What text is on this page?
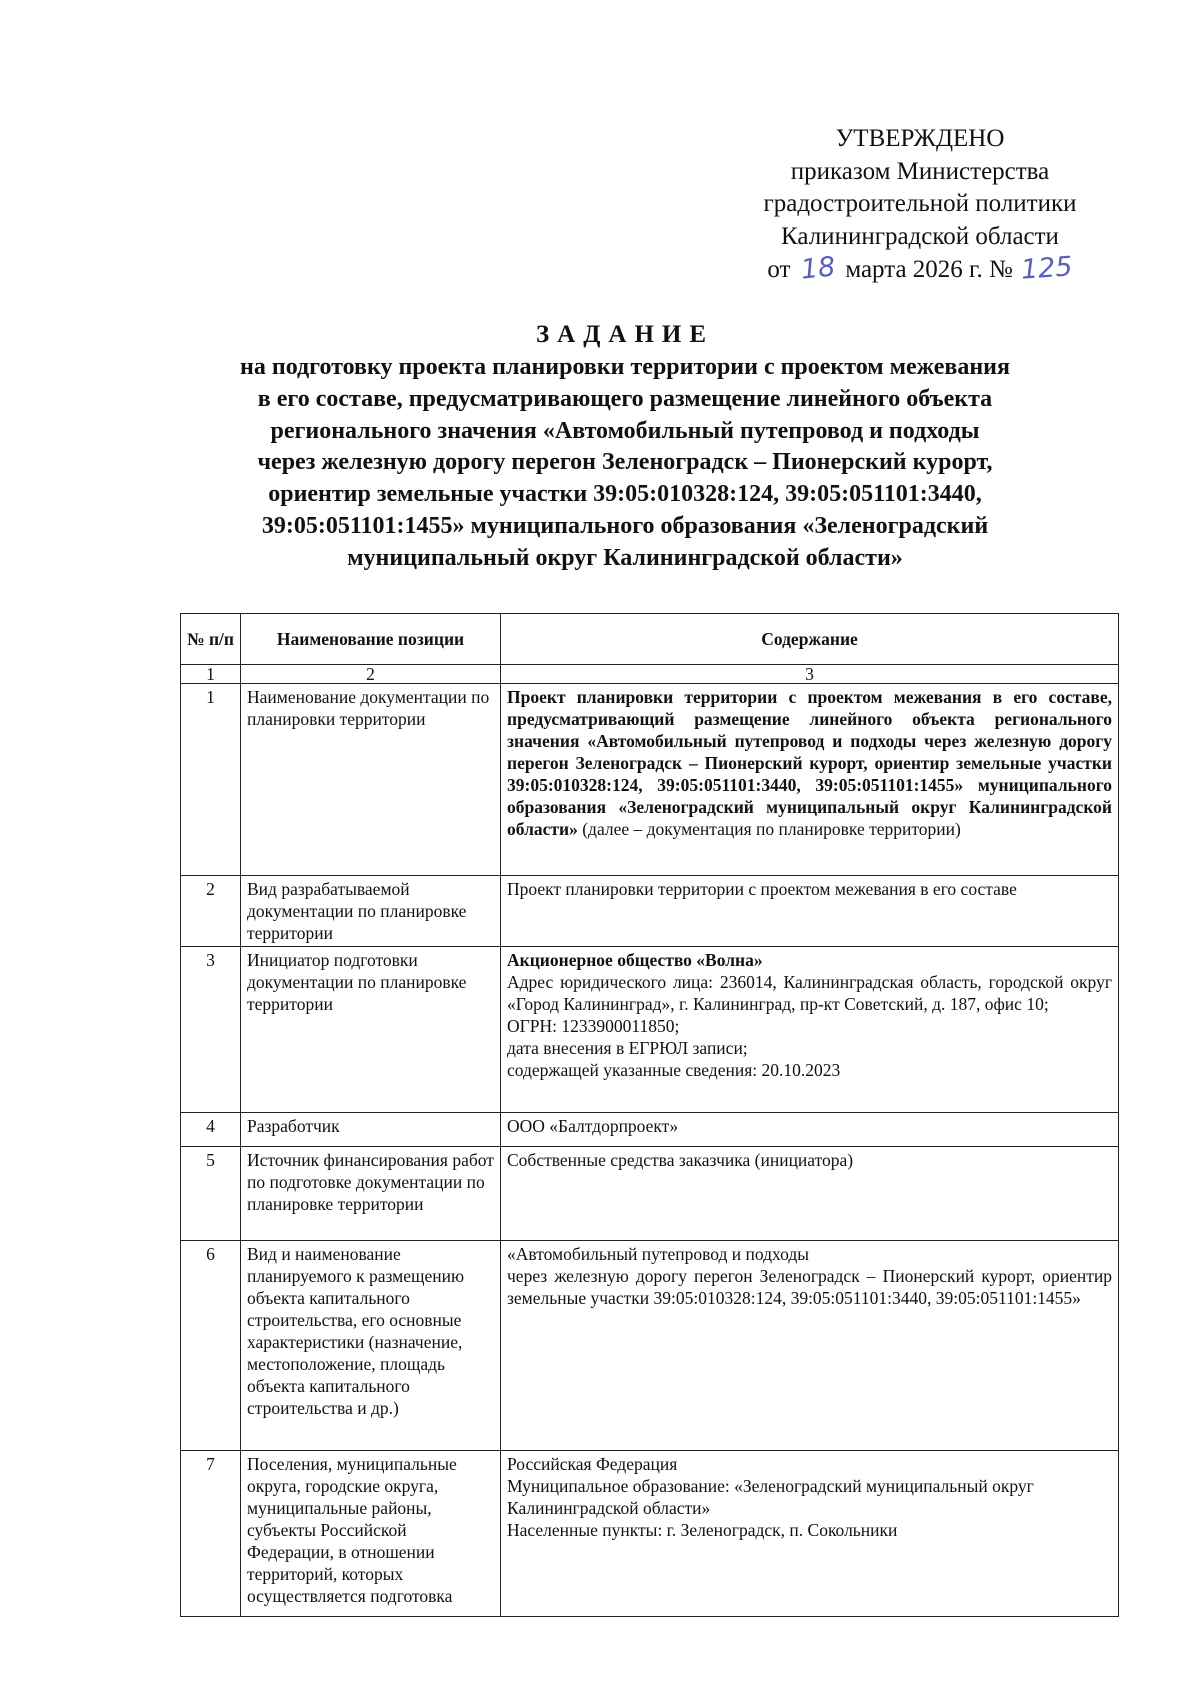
УТВЕРЖДЕНО
приказом Министерства
градостроительной политики
Калининградской области
от 18 марта 2026 г. № 125
ЗАДАНИЕ
на подготовку проекта планировки территории с проектом межевания
в его составе, предусматривающего размещение линейного объекта
регионального значения «Автомобильный путепровод и подходы
через железную дорогу перегон Зеленоградск – Пионерский курорт,
ориентир земельные участки 39:05:010328:124, 39:05:051101:3440,
39:05:051101:1455» муниципального образования «Зеленоградский
муниципальный округ Калининградской области»
№ п/п	Наименование позиции	Содержание
1	2	3
1	Наименование документации по планировки территории	Проект планировки территории с проектом межевания в его составе, предусматривающий размещение линейного объекта регионального значения «Автомобильный путепровод и подходы через железную дорогу перегон Зеленоградск – Пионерский курорт, ориентир земельные участки 39:05:010328:124, 39:05:051101:3440, 39:05:051101:1455» муниципального образования «Зеленоградский муниципальный округ Калининградской области» (далее – документация по планировке территории)
2	Вид разрабатываемой документации по планировке территории	Проект планировки территории с проектом межевания в его составе
3	Инициатор подготовки документации по планировке территории	Акционерное общество «Волна»
Адрес юридического лица: 236014, Калининградская область, городской округ «Город Калининград», г. Калининград, пр-кт Советский, д. 187, офис 10;
ОГРН: 1233900011850;
дата внесения в ЕГРЮЛ записи;
содержащей указанные сведения: 20.10.2023

4	Разработчик	ООО «Балтдорпроект»
5	Источник финансирования работ по подготовке документации по планировке территории	Собственные средства заказчика (инициатора)
6	Вид и наименование планируемого к размещению объекта капитального строительства, его основные характеристики (назначение, местоположение, площадь объекта капитального строительства и др.)	«Автомобильный путепровод и подходы
через железную дорогу перегон Зеленоградск – Пионерский курорт, ориентир земельные участки 39:05:010328:124, 39:05:051101:3440, 39:05:051101:1455»

7	Поселения, муниципальные округа, городские округа, муниципальные районы, субъекты Российской Федерации, в отношении территорий, которых осуществляется подготовка	Российская Федерация
Муниципальное образование: «Зеленоградский муниципальный округ Калининградской области»
Населенные пункты: г. Зеленоградск, п. Сокольники
